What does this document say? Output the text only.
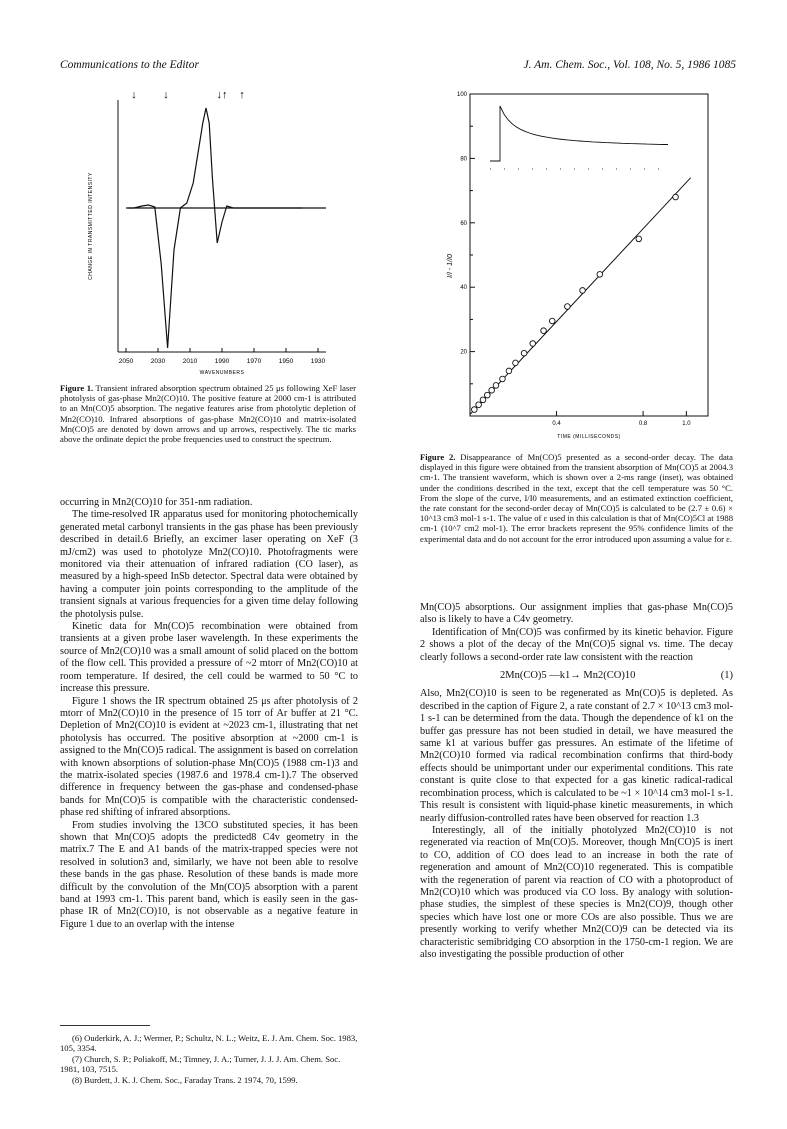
Communications to the Editor	J. Am. Chem. Soc., Vol. 108, No. 5, 1986 1085
2050	2030	2010	1990	1970	1950	1930
WAVENUMBERS
CHANGE IN TRANSMITTED INTENSITY
↓ ↓	↓↑ ↑
Figure 1. Transient infrared absorption spectrum obtained 25 μs following XeF laser photolysis of gas-phase Mn2(CO)10. The positive feature at 2000 cm-1 is attributed to an Mn(CO)5 absorption. The negative features arise from photolytic depletion of Mn2(CO)10. Infrared absorptions of gas-phase Mn2(CO)10 and matrix-isolated Mn(CO)5 are denoted by down arrows and up arrows, respectively. The tic marks above the ordinate depict the probe frequencies used to construct the spectrum.

occurring in Mn2(CO)10 for 351-nm radiation.

The time-resolved IR apparatus used for monitoring photochemically generated metal carbonyl transients in the gas phase has been previously described in detail.6 Briefly, an excimer laser operating on XeF (3 mJ/cm2) was used to photolyze Mn2(CO)10. Photofragments were monitored via their attenuation of infrared radiation (CO laser), as measured by a high-speed InSb detector. Spectral data were obtained by having a computer join points corresponding to the amplitude of the transient signals at various frequencies for a given time delay following the photolysis pulse.

Kinetic data for Mn(CO)5 recombination were obtained from transients at a given probe laser wavelength. In these experiments the source of Mn2(CO)10 was a small amount of solid placed on the bottom of the flow cell. This provided a pressure of ~2 mtorr of Mn2(CO)10 at room temperature. If desired, the cell could be warmed to 50 °C to increase this pressure.

Figure 1 shows the IR spectrum obtained 25 μs after photolysis of 2 mtorr of Mn2(CO)10 in the presence of 15 torr of Ar buffer at 21 °C. Depletion of Mn2(CO)10 is evident at ~2023 cm-1, illustrating that net photolysis has occurred. The positive absorption at ~2000 cm-1 is assigned to the Mn(CO)5 radical. The assignment is based on correlation with known absorptions of solution-phase Mn(CO)5 (1988 cm-1)3 and the matrix-isolated species (1987.6 and 1978.4 cm-1).7 The observed difference in frequency between the gas-phase and condensed-phase bands for Mn(CO)5 is compatible with the characteristic condensed-phase red shifting of infrared absorptions.

From studies involving the 13CO substituted species, it has been shown that Mn(CO)5 adopts the predicted8 C4v geometry in the matrix.7 The E and A1 bands of the matrix-trapped species were not resolved in solution3 and, similarly, we have not been able to resolve these bands in the gas phase. Resolution of these bands is made more difficult by the convolution of the Mn(CO)5 absorption with a parent band at 1993 cm-1. This parent band, which is easily seen in the gas-phase IR of Mn2(CO)10, is not observable as a negative feature in Figure 1 due to an overlap with the intense

(6) Ouderkirk, A. J.; Wermer, P.; Schultz, N. L.; Weitz, E. J. Am. Chem. Soc. 1983, 105, 3354.
(7) Church, S. P.; Poliakoff, M.; Timney, J. A.; Turner, J. J. J. Am. Chem. Soc. 1981, 103, 7515.
(8) Burdett, J. K. J. Chem. Soc., Faraday Trans. 2 1974, 70, 1599.
20
40
60
80
100
0.4	0.8	1.0
TIME (MILLISECONDS)
I/I - 1/I0
Figure 2. Disappearance of Mn(CO)5 presented as a second-order decay. The data displayed in this figure were obtained from the transient absorption of Mn(CO)5 at 2004.3 cm-1. The transient waveform, which is shown over a 2-ms range (inset), was obtained under the conditions described in the text, except that the cell temperature was 50 °C. From the slope of the curve, I/I0 measurements, and an estimated extinction coefficient, the rate constant for the second-order decay of Mn(CO)5 is calculated to be (2.7 ± 0.6) × 10^13 cm3 mol-1 s-1. The value of ε used in this calculation is that of Mn(CO)5Cl at 1988 cm-1 (10^7 cm2 mol-1). The error brackets represent the 95% confidence limits of the experimental data and do not account for the error introduced upon assuming a value for ε.

Mn(CO)5 absorptions. Our assignment implies that gas-phase Mn(CO)5 also is likely to have a C4v geometry.

Identification of Mn(CO)5 was confirmed by its kinetic behavior. Figure 2 shows a plot of the decay of the Mn(CO)5 signal vs. time. The decay clearly follows a second-order rate law consistent with the reaction

2Mn(CO)5 —k1→ Mn2(CO)10	(1)

Also, Mn2(CO)10 is seen to be regenerated as Mn(CO)5 is depleted. As described in the caption of Figure 2, a rate constant of 2.7 × 10^13 cm3 mol-1 s-1 can be determined from the data. Though the dependence of k1 on the buffer gas pressure has not been studied in detail, we have measured the same k1 at various buffer gas pressures. An estimate of the lifetime of Mn2(CO)10 formed via radical recombination confirms that third-body effects should be unimportant under our experimental conditions. This rate constant is quite close to that expected for a gas kinetic radical-radical recombination process, which is calculated to be ~1 × 10^14 cm3 mol-1 s-1. This result is consistent with liquid-phase kinetic measurements, in which nearly diffusion-controlled rates have been observed for reaction 1.3

Interestingly, all of the initially photolyzed Mn2(CO)10 is not regenerated via reaction of Mn(CO)5. Moreover, though Mn(CO)5 is inert to CO, addition of CO does lead to an increase in both the rate of regeneration and amount of Mn2(CO)10 regenerated. This is compatible with the regeneration of parent via reaction of CO with a photoproduct of Mn2(CO)10 which was produced via CO loss. By analogy with solution-phase studies, the simplest of these species is Mn2(CO)9, though other species which have lost one or more COs are also possible. Thus we are presently working to verify whether Mn2(CO)9 can be detected via its characteristic semibridging CO absorption in the 1750-cm-1 region. We are also investigating the possible production of other
